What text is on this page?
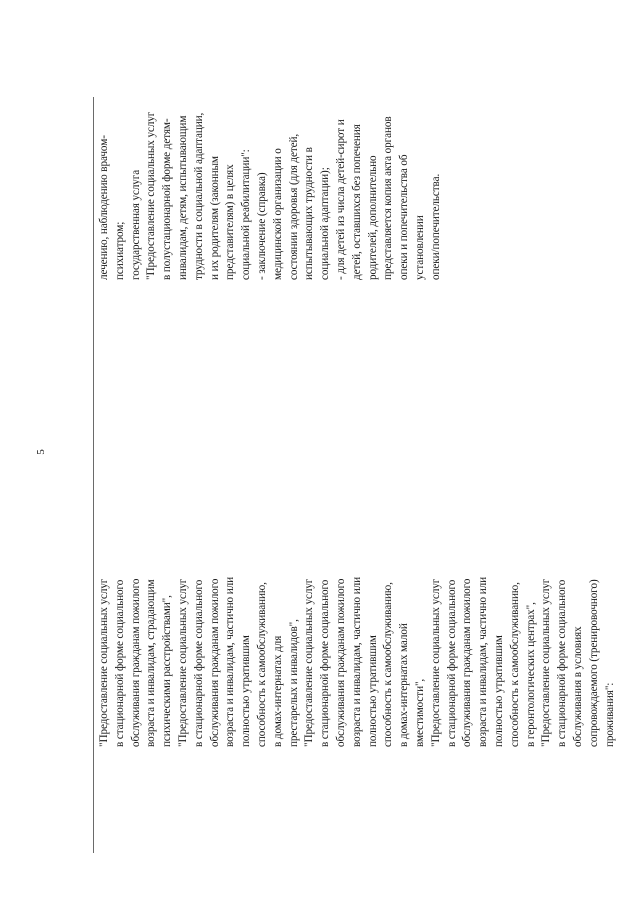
5
"Предоставление социальных услуг в стационарной форме социального обслуживания гражданам пожилого возраста и инвалидам, страдающим психическими расстройствами", "Предоставление социальных услуг в стационарной форме социального обслуживания гражданам пожилого возраста и инвалидам, частично или полностью утратившим способность к самообслуживанию, в домах-интернатах для престарелых и инвалидов", "Предоставление социальных услуг в стационарной форме социального обслуживания гражданам пожилого возраста и инвалидам, частично или полностью утратившим способность к самообслуживанию, в домах-интернатах малой вместимости", "Предоставление социальных услуг в стационарной форме социального обслуживания гражданам пожилого возраста и инвалидам, частично или полностью утратившим способность к самообслуживанию, в геронтологических центрах", "Предоставление социальных услуг в стационарной форме социального обслуживания в условиях сопровождаемого (тренировочного) проживания":
лечению, наблюдению врачом- психиатром; государственная услуга "Предоставление социальных услуг в полустационарной форме детям- инвалидам, детям, испытывающим трудности в социальной адаптации, и их родителям (законным представителям) в целях социальной реабилитации": - заключение (справка) медицинской организации о состоянии здоровья (для детей, испытывающих трудности в социальной адаптации); - для детей из числа детей-сирот и детей, оставшихся без попечения родителей, дополнительно представляется копия акта органов опеки и попечительства об установлении опеки/попечительства.
